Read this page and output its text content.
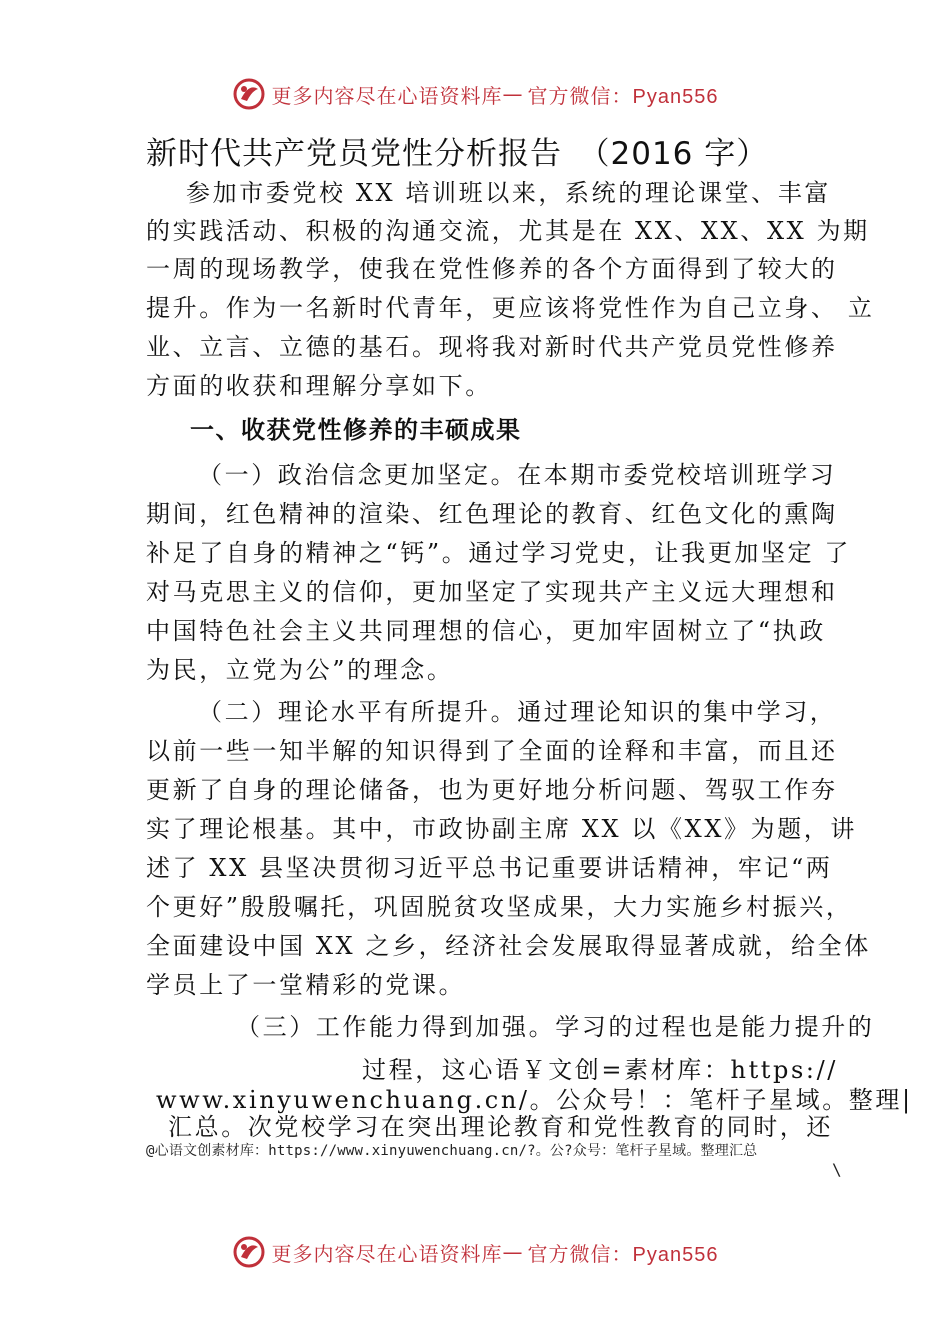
更多内容尽在心语资料库 — 官方微信：Pyan556
新时代共产党员党性分析报告　（2016 字）
参加市委党校 XX 培训班以来，系统的理论课堂、丰富
的实践活动、积极的沟通交流，尤其是在 XX、XX、XX 为期
一周的现场教学，使我在党性修养的各个方面得到了较大的
提升。作为一名新时代青年，更应该将党性作为自己立身、 立
业、立言、立德的基石。现将我对新时代共产党员党性修养
方面的收获和理解分享如下。
一、收获党性修养的丰硕成果
（一）政治信念更加坚定。在本期市委党校培训班学习
期间，红色精神的渲染、红色理论的教育、红色文化的熏陶
补足了自身的精神之“钙”。通过学习党史，让我更加坚定 了
对马克思主义的信仰，更加坚定了实现共产主义远大理想和
中国特色社会主义共同理想的信心，更加牢固树立了“执政
为民，立党为公”的理念。
（二）理论水平有所提升。通过理论知识的集中学习，
以前一些一知半解的知识得到了全面的诠释和丰富，而且还
更新了自身的理论储备，也为更好地分析问题、驾驭工作夯
实了理论根基。其中，市政协副主席 XX 以《XX》为题，讲
述了 XX 县坚决贯彻习近平总书记重要讲话精神，牢记“两
个更好”殷殷嘱托，巩固脱贫攻坚成果，大力实施乡村振兴，
全面建设中国 XX 之乡，经济社会发展取得显著成就，给全体
学员上了一堂精彩的党课。
（三）工作能力得到加强。学习的过程也是能力提升的
过程，这心语￥文创=素材库：https://
www.xinyuwenchuang.cn/。公众号！：笔杆子星域。整理|
汇总。次党校学习在突出理论教育和党性教育的同时，还
@心语文创素材库：https://www.xinyuwenchuang.cn/?。公?众号：笔杆子星域。整理汇总
\
更多内容尽在心语资料库 — 官方微信：Pyan556
